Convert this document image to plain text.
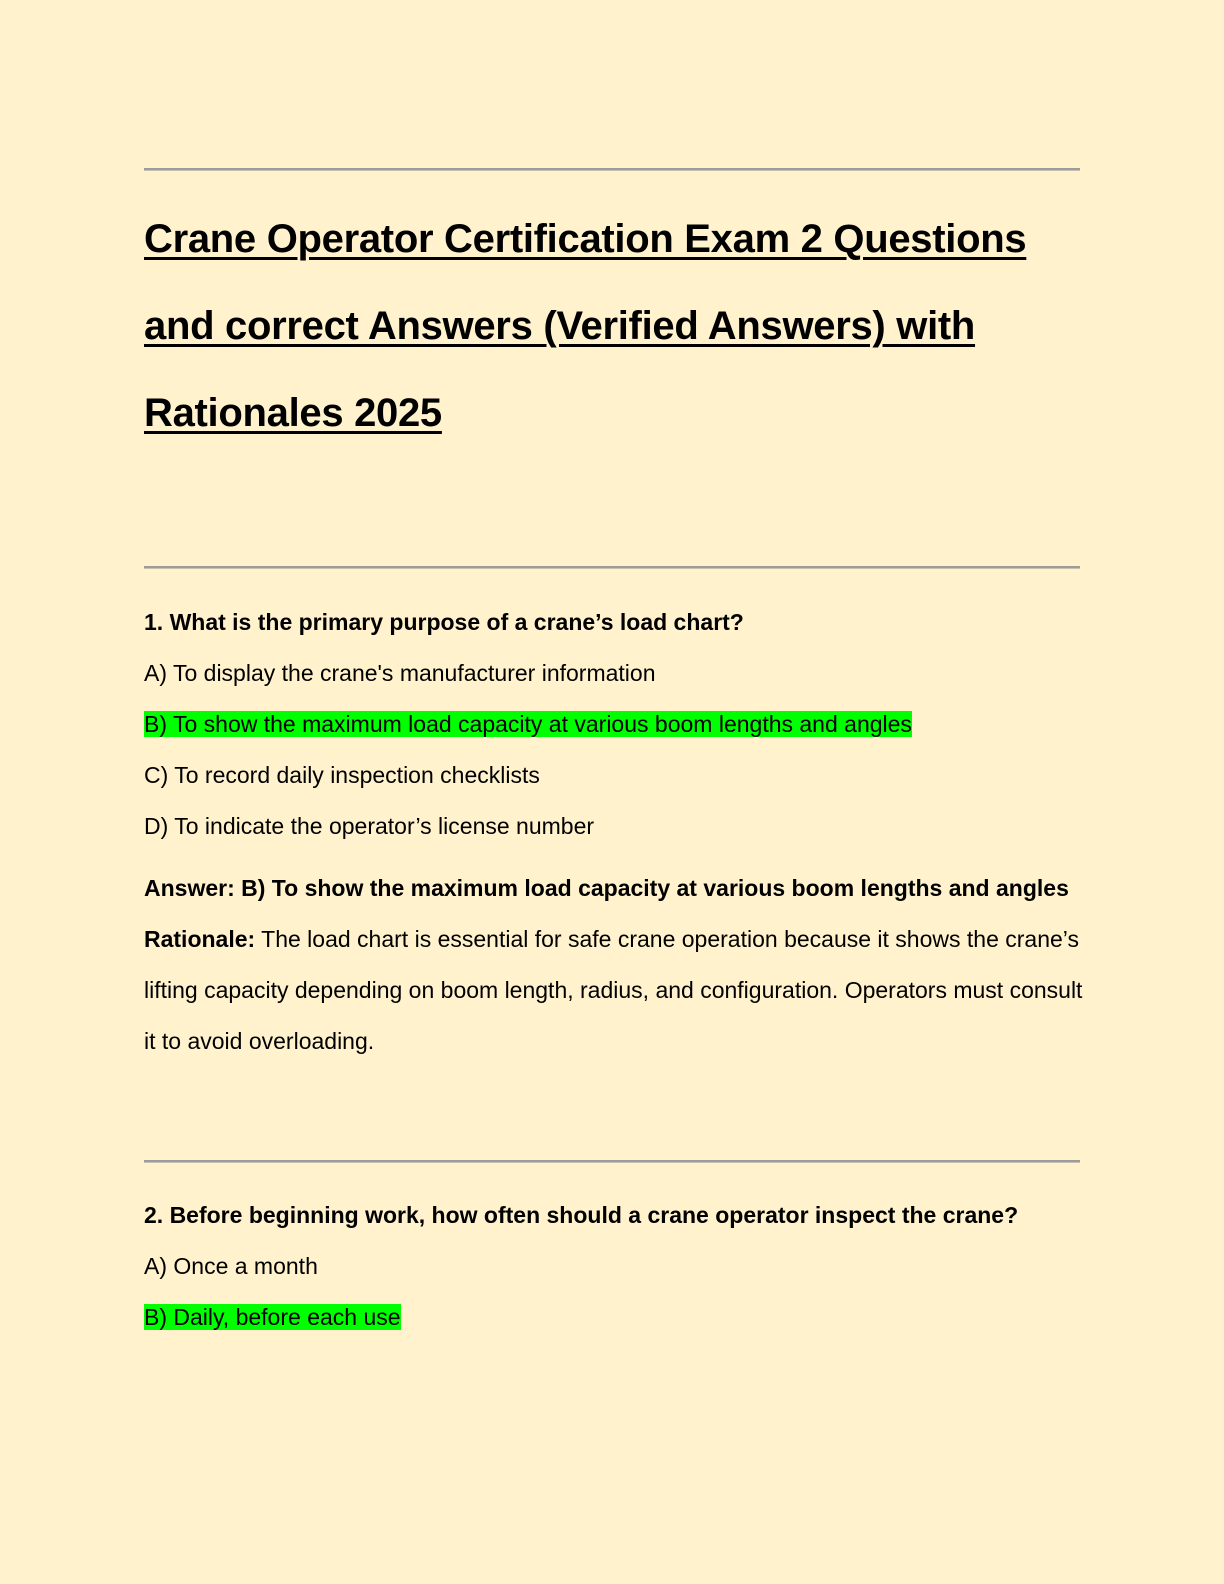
Crane Operator Certification Exam 2 Questions and correct Answers (Verified Answers) with Rationales 2025
1. What is the primary purpose of a crane’s load chart?
A) To display the crane's manufacturer information
B) To show the maximum load capacity at various boom lengths and angles
C) To record daily inspection checklists
D) To indicate the operator’s license number
Answer: B) To show the maximum load capacity at various boom lengths and angles
Rationale: The load chart is essential for safe crane operation because it shows the crane’s lifting capacity depending on boom length, radius, and configuration. Operators must consult it to avoid overloading.
2. Before beginning work, how often should a crane operator inspect the crane?
A) Once a month
B) Daily, before each use
